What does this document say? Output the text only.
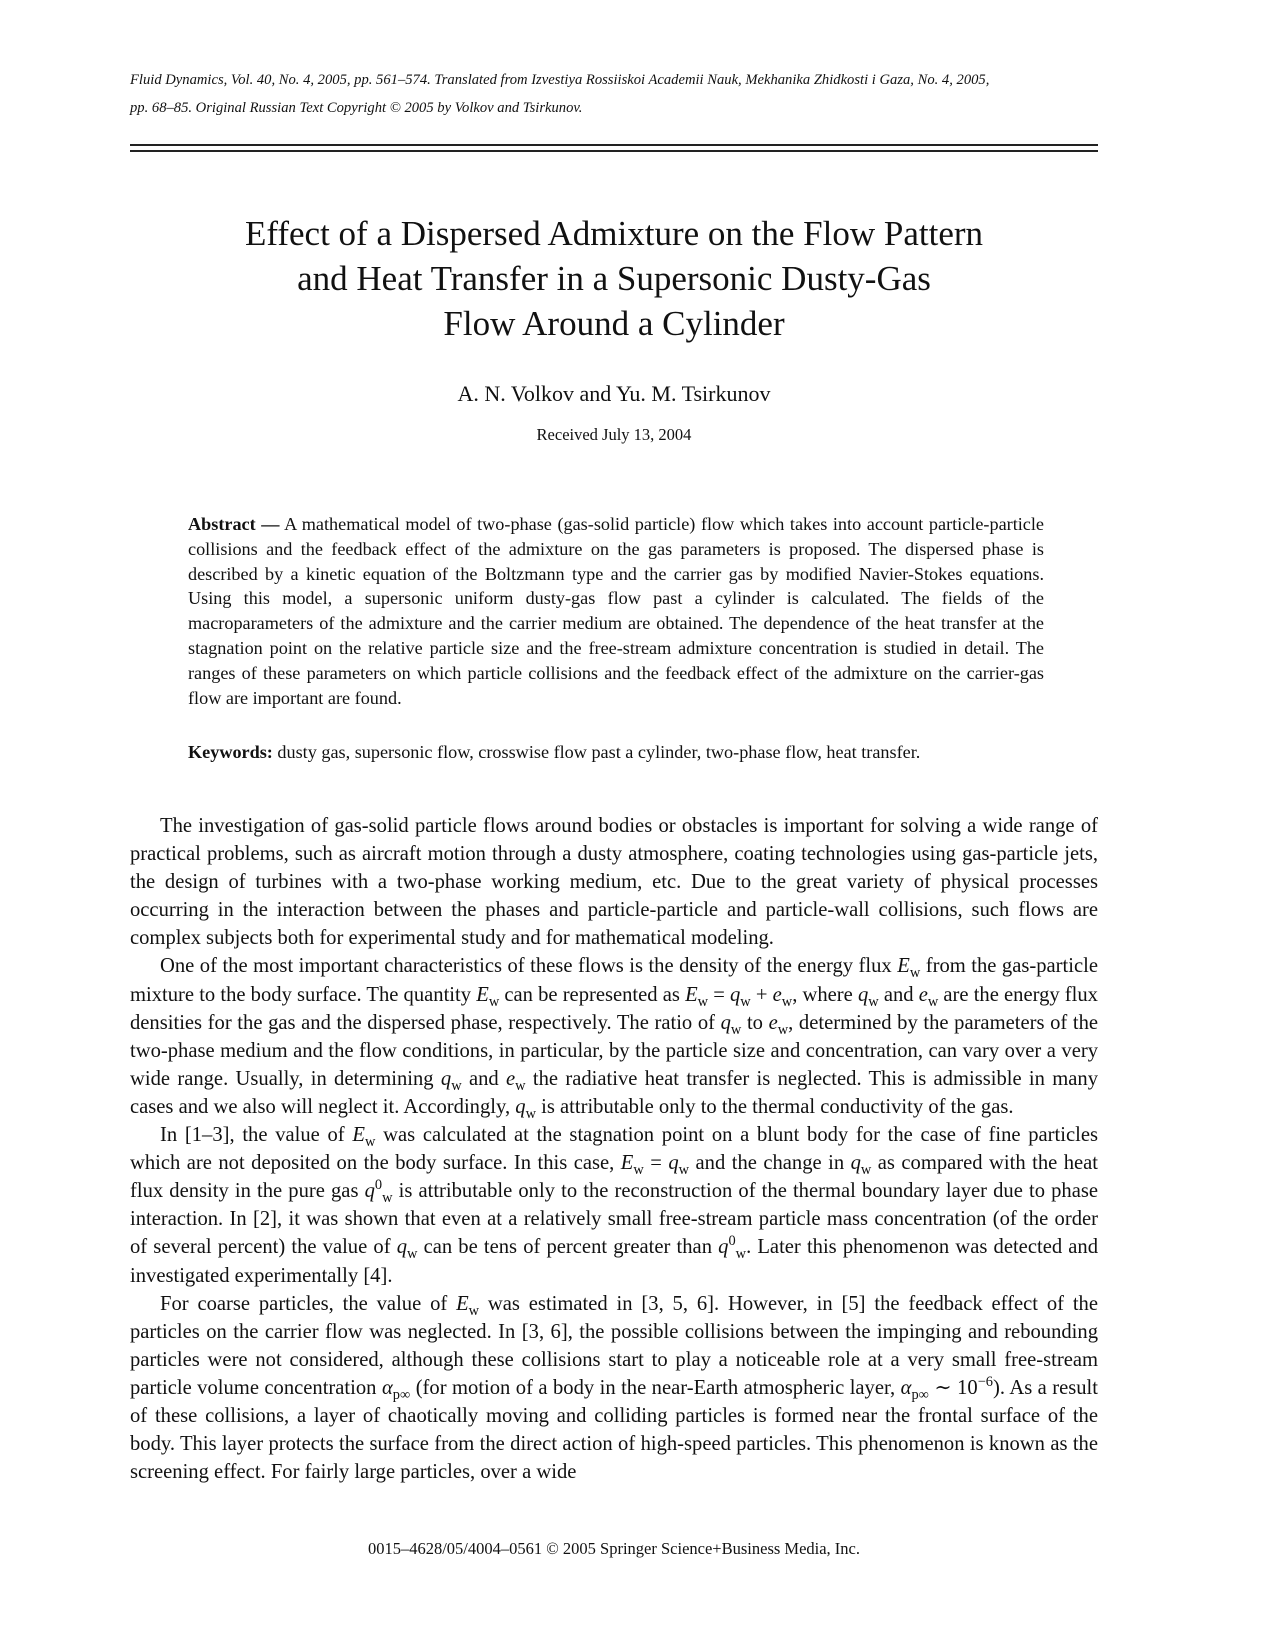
Fluid Dynamics, Vol. 40, No. 4, 2005, pp. 561–574. Translated from Izvestiya Rossiiskoi Academii Nauk, Mekhanika Zhidkosti i Gaza, No. 4, 2005,
pp. 68–85. Original Russian Text Copyright © 2005 by Volkov and Tsirkunov.
Effect of a Dispersed Admixture on the Flow Pattern
and Heat Transfer in a Supersonic Dusty-Gas
Flow Around a Cylinder
A. N. Volkov and Yu. M. Tsirkunov
Received July 13, 2004

Abstract — A mathematical model of two-phase (gas-solid particle) flow which takes into account particle-particle collisions and the feedback effect of the admixture on the gas parameters is proposed. The dispersed phase is described by a kinetic equation of the Boltzmann type and the carrier gas by modified Navier-Stokes equations. Using this model, a supersonic uniform dusty-gas flow past a cylinder is calculated. The fields of the macroparameters of the admixture and the carrier medium are obtained. The dependence of the heat transfer at the stagnation point on the relative particle size and the free-stream admixture concentration is studied in detail. The ranges of these parameters on which particle collisions and the feedback effect of the admixture on the carrier-gas flow are important are found.

Keywords: dusty gas, supersonic flow, crosswise flow past a cylinder, two-phase flow, heat transfer.

The investigation of gas-solid particle flows around bodies or obstacles is important for solving a wide range of practical problems, such as aircraft motion through a dusty atmosphere, coating technologies using gas-particle jets, the design of turbines with a two-phase working medium, etc. Due to the great variety of physical processes occurring in the interaction between the phases and particle-particle and particle-wall collisions, such flows are complex subjects both for experimental study and for mathematical modeling.

One of the most important characteristics of these flows is the density of the energy flux $E_w$ from the gas-particle mixture to the body surface. The quantity $E_w$ can be represented as $E_w = q_w + e_w$, where $q_w$ and $e_w$ are the energy flux densities for the gas and the dispersed phase, respectively. The ratio of $q_w$ to $e_w$, determined by the parameters of the two-phase medium and the flow conditions, in particular, by the particle size and concentration, can vary over a very wide range. Usually, in determining $q_w$ and $e_w$ the radiative heat transfer is neglected. This is admissible in many cases and we also will neglect it. Accordingly, $q_w$ is attributable only to the thermal conductivity of the gas.

In [1–3], the value of $E_w$ was calculated at the stagnation point on a blunt body for the case of fine particles which are not deposited on the body surface. In this case, $E_w = q_w$ and the change in $q_w$ as compared with the heat flux density in the pure gas $q^0_w$ is attributable only to the reconstruction of the thermal boundary layer due to phase interaction. In [2], it was shown that even at a relatively small free-stream particle mass concentration (of the order of several percent) the value of $q_w$ can be tens of percent greater than $q^0_w$. Later this phenomenon was detected and investigated experimentally [4].

For coarse particles, the value of $E_w$ was estimated in [3, 5, 6]. However, in [5] the feedback effect of the particles on the carrier flow was neglected. In [3, 6], the possible collisions between the impinging and rebounding particles were not considered, although these collisions start to play a noticeable role at a very small free-stream particle volume concentration $\alpha_{p\infty}$ (for motion of a body in the near-Earth atmospheric layer, $\alpha_{p\infty}$ ∼ $10^{-6}$). As a result of these collisions, a layer of chaotically moving and colliding particles is formed near the frontal surface of the body. This layer protects the surface from the direct action of high-speed particles. This phenomenon is known as the screening effect. For fairly large particles, over a wide

0015–4628/05/4004–0561 © 2005 Springer Science+Business Media, Inc.
